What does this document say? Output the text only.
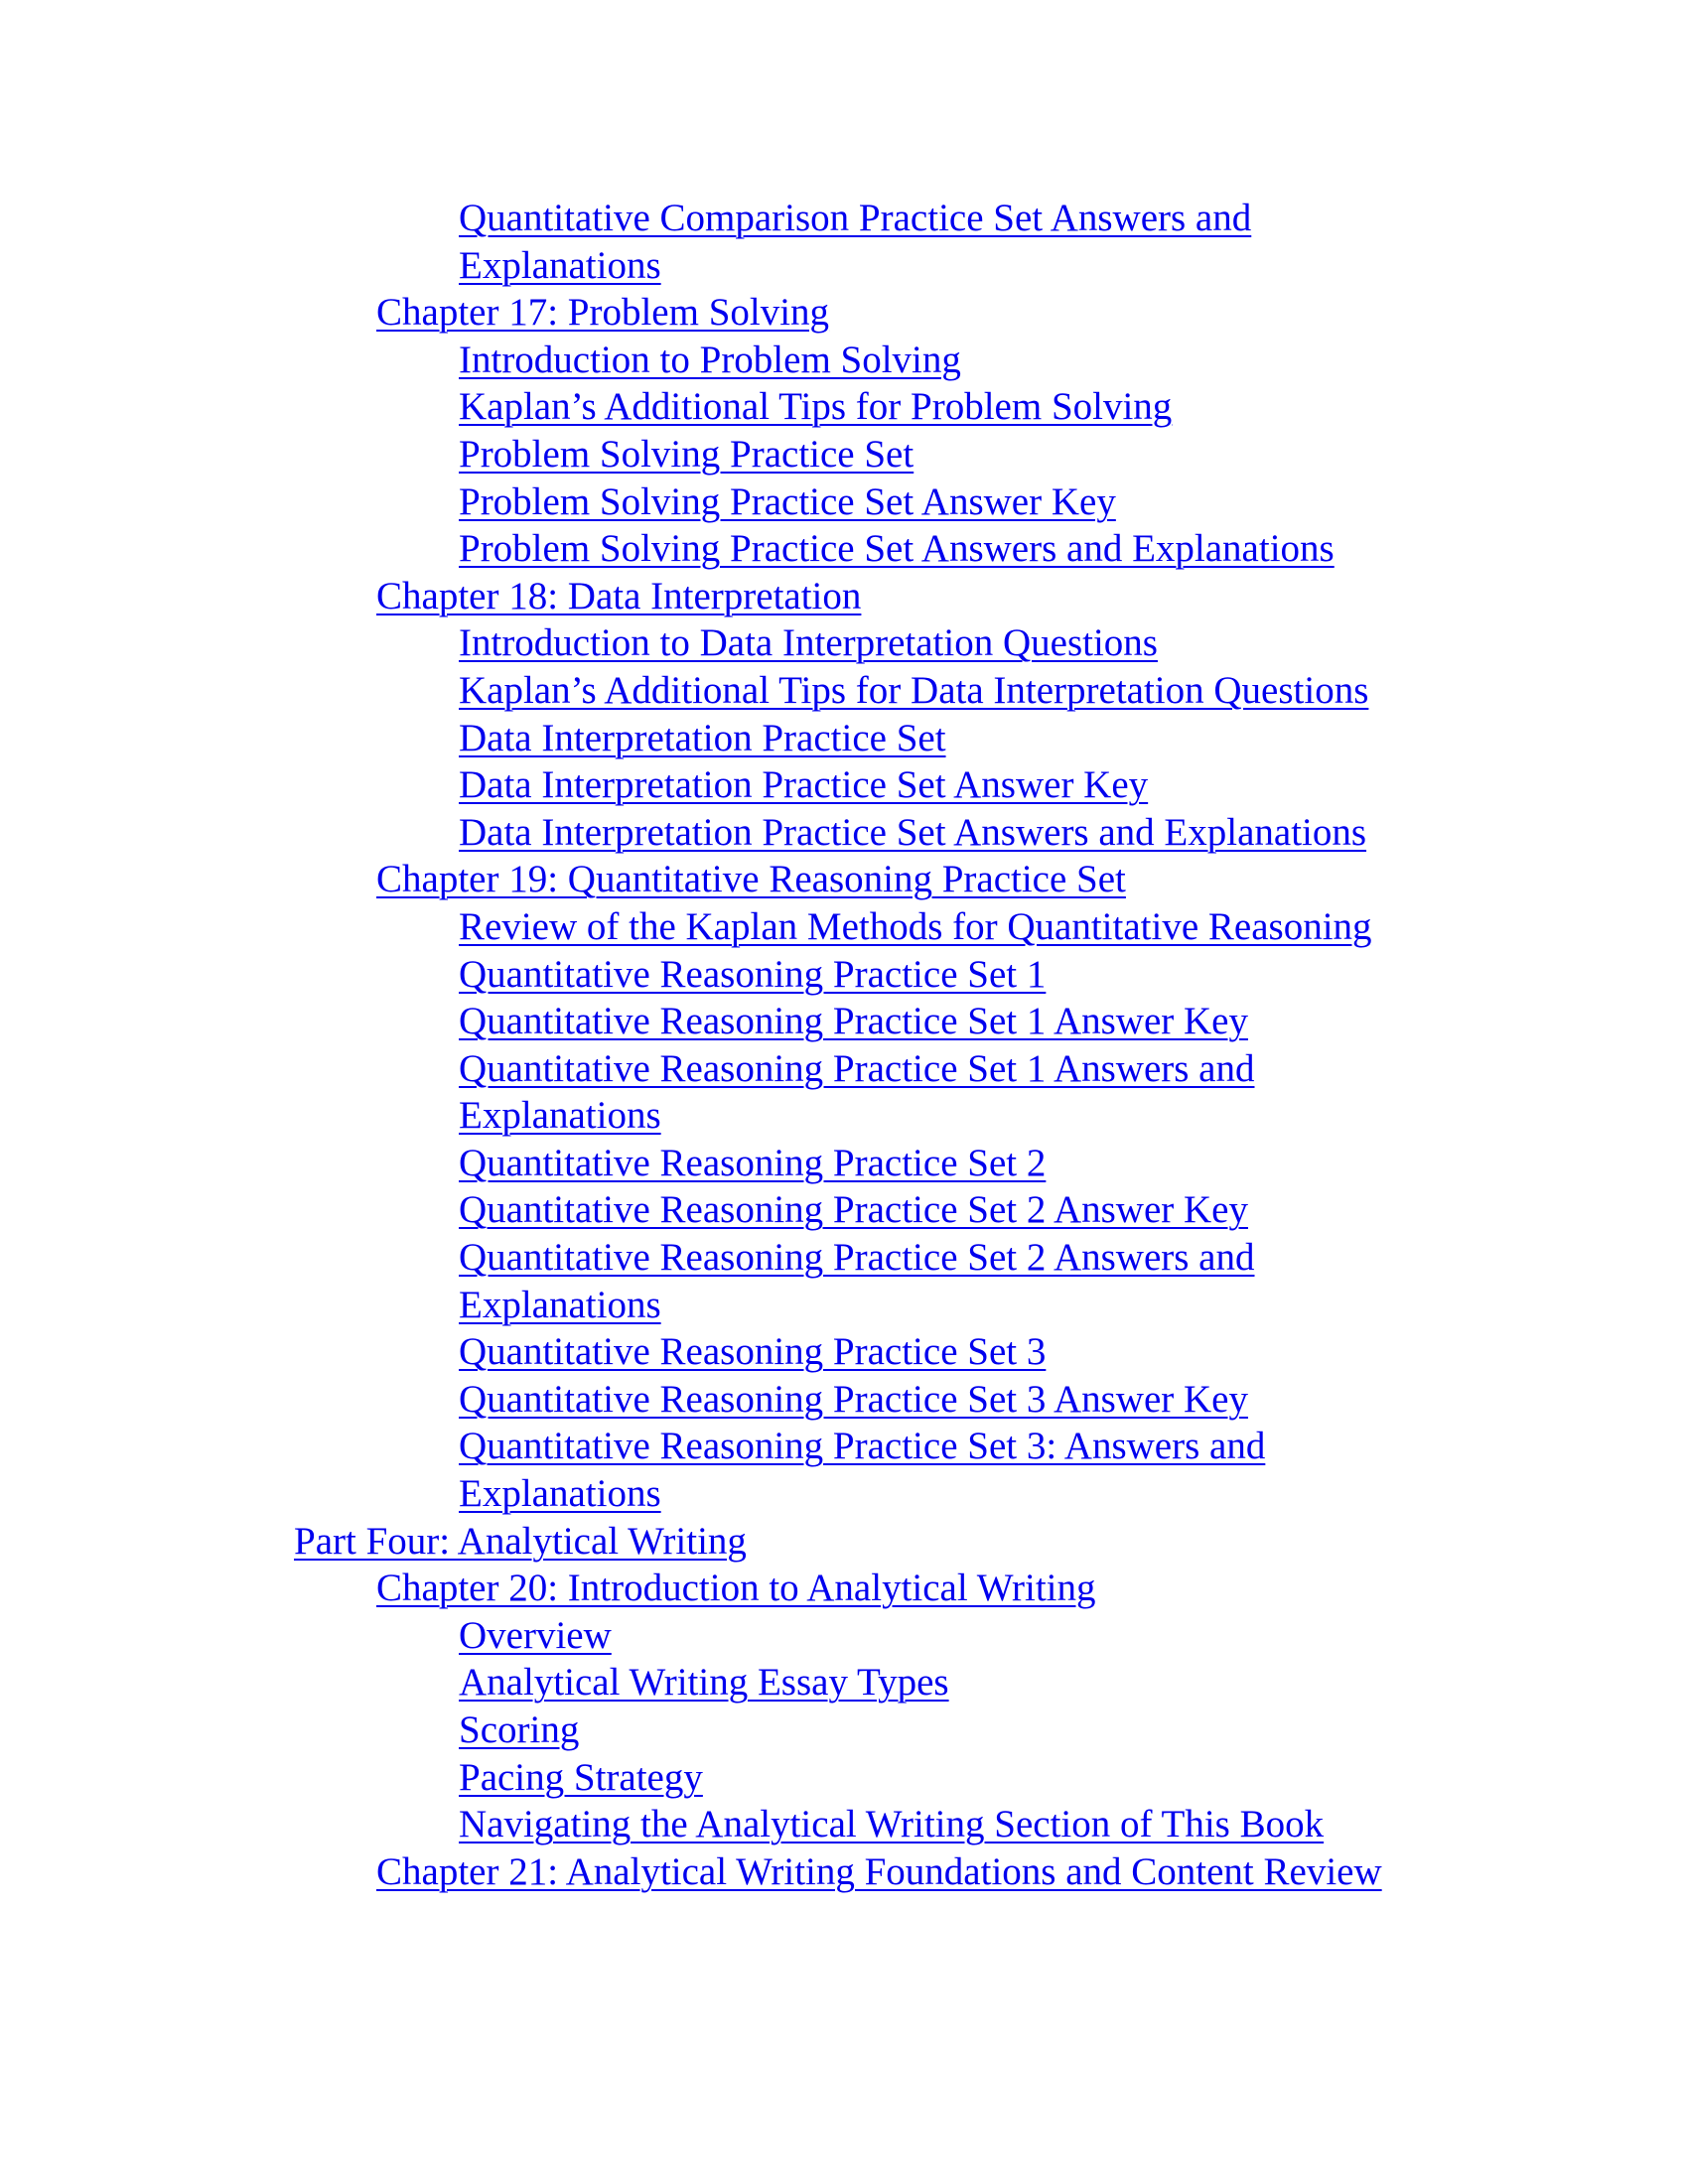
Quantitative Comparison Practice Set Answers and Explanations
Chapter 17: Problem Solving
Introduction to Problem Solving
Kaplan’s Additional Tips for Problem Solving
Problem Solving Practice Set
Problem Solving Practice Set Answer Key
Problem Solving Practice Set Answers and Explanations
Chapter 18: Data Interpretation
Introduction to Data Interpretation Questions
Kaplan’s Additional Tips for Data Interpretation Questions
Data Interpretation Practice Set
Data Interpretation Practice Set Answer Key
Data Interpretation Practice Set Answers and Explanations
Chapter 19: Quantitative Reasoning Practice Set
Review of the Kaplan Methods for Quantitative Reasoning
Quantitative Reasoning Practice Set 1
Quantitative Reasoning Practice Set 1 Answer Key
Quantitative Reasoning Practice Set 1 Answers and Explanations
Quantitative Reasoning Practice Set 2
Quantitative Reasoning Practice Set 2 Answer Key
Quantitative Reasoning Practice Set 2 Answers and Explanations
Quantitative Reasoning Practice Set 3
Quantitative Reasoning Practice Set 3 Answer Key
Quantitative Reasoning Practice Set 3: Answers and Explanations
Part Four: Analytical Writing
Chapter 20: Introduction to Analytical Writing
Overview
Analytical Writing Essay Types
Scoring
Pacing Strategy
Navigating the Analytical Writing Section of This Book
Chapter 21: Analytical Writing Foundations and Content Review
